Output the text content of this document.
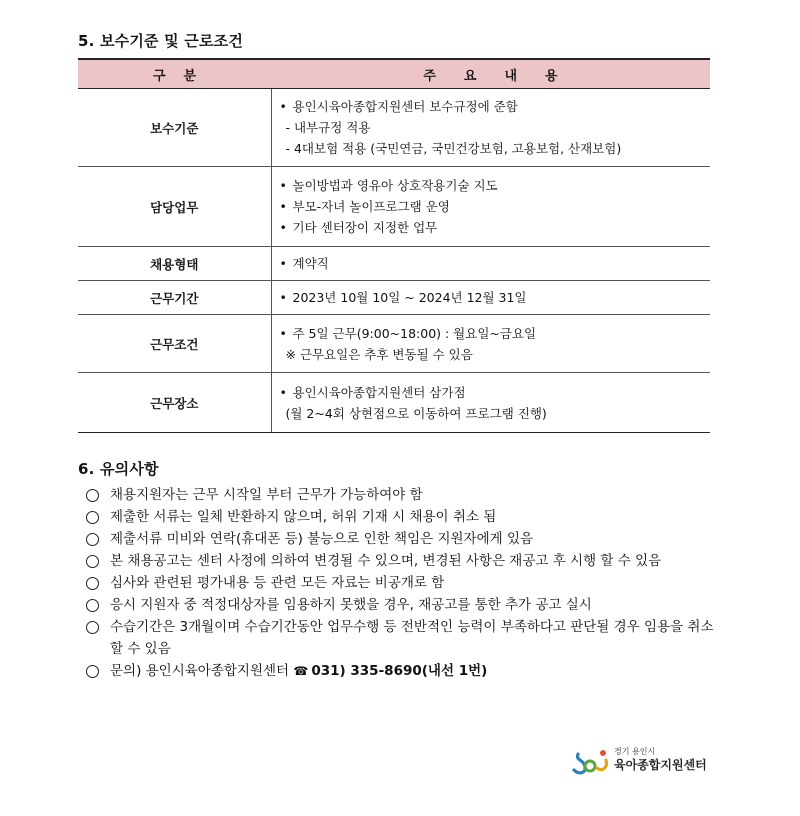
5. 보수기준 및 근로조건
구분	주요내용
보수기준	• 용인시육아종합지원센터 보수규정에 준함
- 내부규정 적용
- 4대보험 적용 (국민연금, 국민건강보험, 고용보험, 산재보험)

담당업무	• 놀이방법과 영유아 상호작용기술 지도
• 부모-자녀 놀이프로그램 운영
• 기타 센터장이 지정한 업무

채용형태	• 계약직

근무기간	• 2023년 10월 10일 ~ 2024년 12월 31일

근무조건	• 주 5일 근무(9:00~18:00) : 월요일~금요일
※ 근무요일은 추후 변동될 수 있음

근무장소	• 용인시육아종합지원센터 삼가점
(월 2~4회 상현점으로 이동하여 프로그램 진행)
6. 유의사항
채용지원자는 근무 시작일 부터 근무가 가능하여야 함
제출한 서류는 일체 반환하지 않으며, 허위 기재 시 채용이 취소 됨
제출서류 미비와 연락(휴대폰 등) 불능으로 인한 책임은 지원자에게 있음
본 채용공고는 센터 사정에 의하여 변경될 수 있으며, 변경된 사항은 재공고 후 시행 할 수 있음
심사와 관련된 평가내용 등 관련 모든 자료는 비공개로 함
응시 지원자 중 적정대상자를 임용하지 못했을 경우, 재공고를 통한 추가 공고 실시
수습기간은 3개월이며 수습기간동안 업무수행 등 전반적인 능력이 부족하다고 판단될 경우 임용을 취소할 수 있음
문의) 용인시육아종합지원센터 ☎ 031) 335-8690(내선 1번)
경기 용인시
육아종합지원센터
